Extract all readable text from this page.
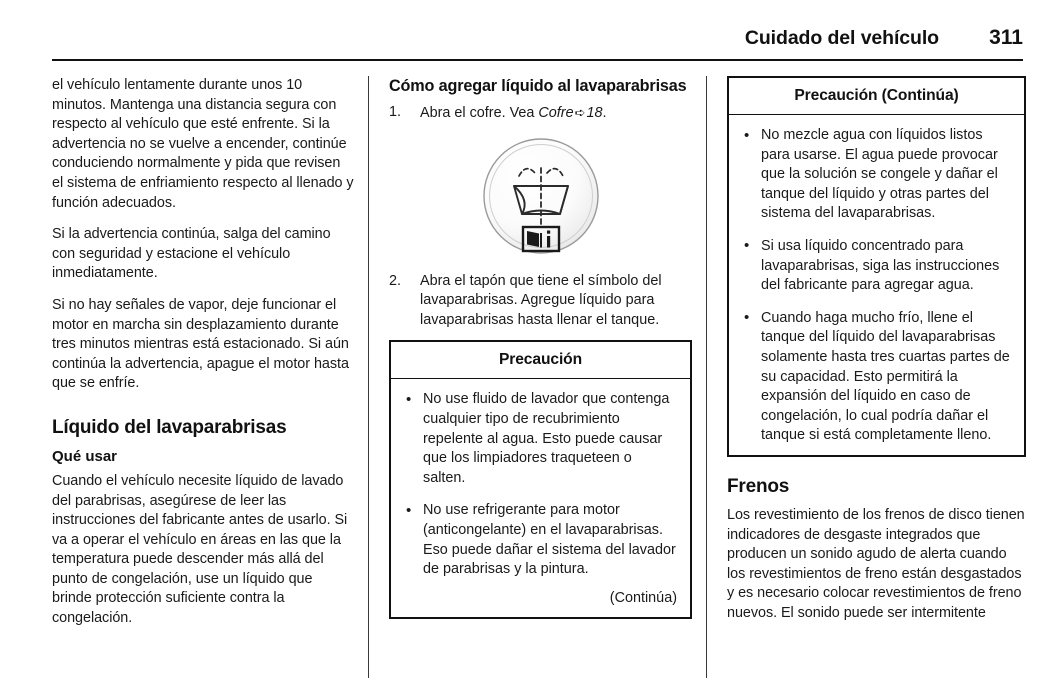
Cuidado del vehículo 311

el vehículo lentamente durante unos 10 minutos. Mantenga una distancia segura con respecto al vehículo que esté enfrente. Si la advertencia no se vuelve a encender, continúe conduciendo normalmente y pida que revisen el sistema de enfriamiento respecto al llenado y función adecuados.

Si la advertencia continúa, salga del camino con seguridad y estacione el vehículo inmediatamente.

Si no hay señales de vapor, deje funcionar el motor en marcha sin desplazamiento durante tres minutos mientras está estacionado. Si aún continúa la advertencia, apague el motor hasta que se enfríe.

Líquido del lavaparabrisas
Qué usar

Cuando el vehículo necesite líquido de lavado del parabrisas, asegúrese de leer las instrucciones del fabricante antes de usarlo. Si va a operar el vehículo en áreas en las que la temperatura puede descender más allá del punto de congelación, use un líquido que brinde protección suficiente contra la congelación.

Cómo agregar líquido al lavaparabrisas
1.	Abra el cofre. Vea Cofre➪18.
2.	Abra el tapón que tiene el símbolo del lavaparabrisas. Agregue líquido para lavaparabrisas hasta llenar el tanque.
Precaución
• No use fluido de lavador que contenga cualquier tipo de recubrimiento repelente al agua. Esto puede causar que los limpiadores traqueteen o salten.
• No use refrigerante para motor (anticongelante) en el lavaparabrisas. Eso puede dañar el sistema del lavador de parabrisas y la pintura.
(Continúa)
Precaución (Continúa)
• No mezcle agua con líquidos listos para usarse. El agua puede provocar que la solución se congele y dañar el tanque del líquido y otras partes del sistema del lavaparabrisas.
• Si usa líquido concentrado para lavaparabrisas, siga las instrucciones del fabricante para agregar agua.
• Cuando haga mucho frío, llene el tanque del líquido del lavaparabrisas solamente hasta tres cuartas partes de su capacidad. Esto permitirá la expansión del líquido en caso de congelación, lo cual podría dañar el tanque si está completamente lleno.
Frenos

Los revestimiento de los frenos de disco tienen indicadores de desgaste integrados que producen un sonido agudo de alerta cuando los revestimientos de freno están desgastados y es necesario colocar revestimientos de freno nuevos. El sonido puede ser intermitente
